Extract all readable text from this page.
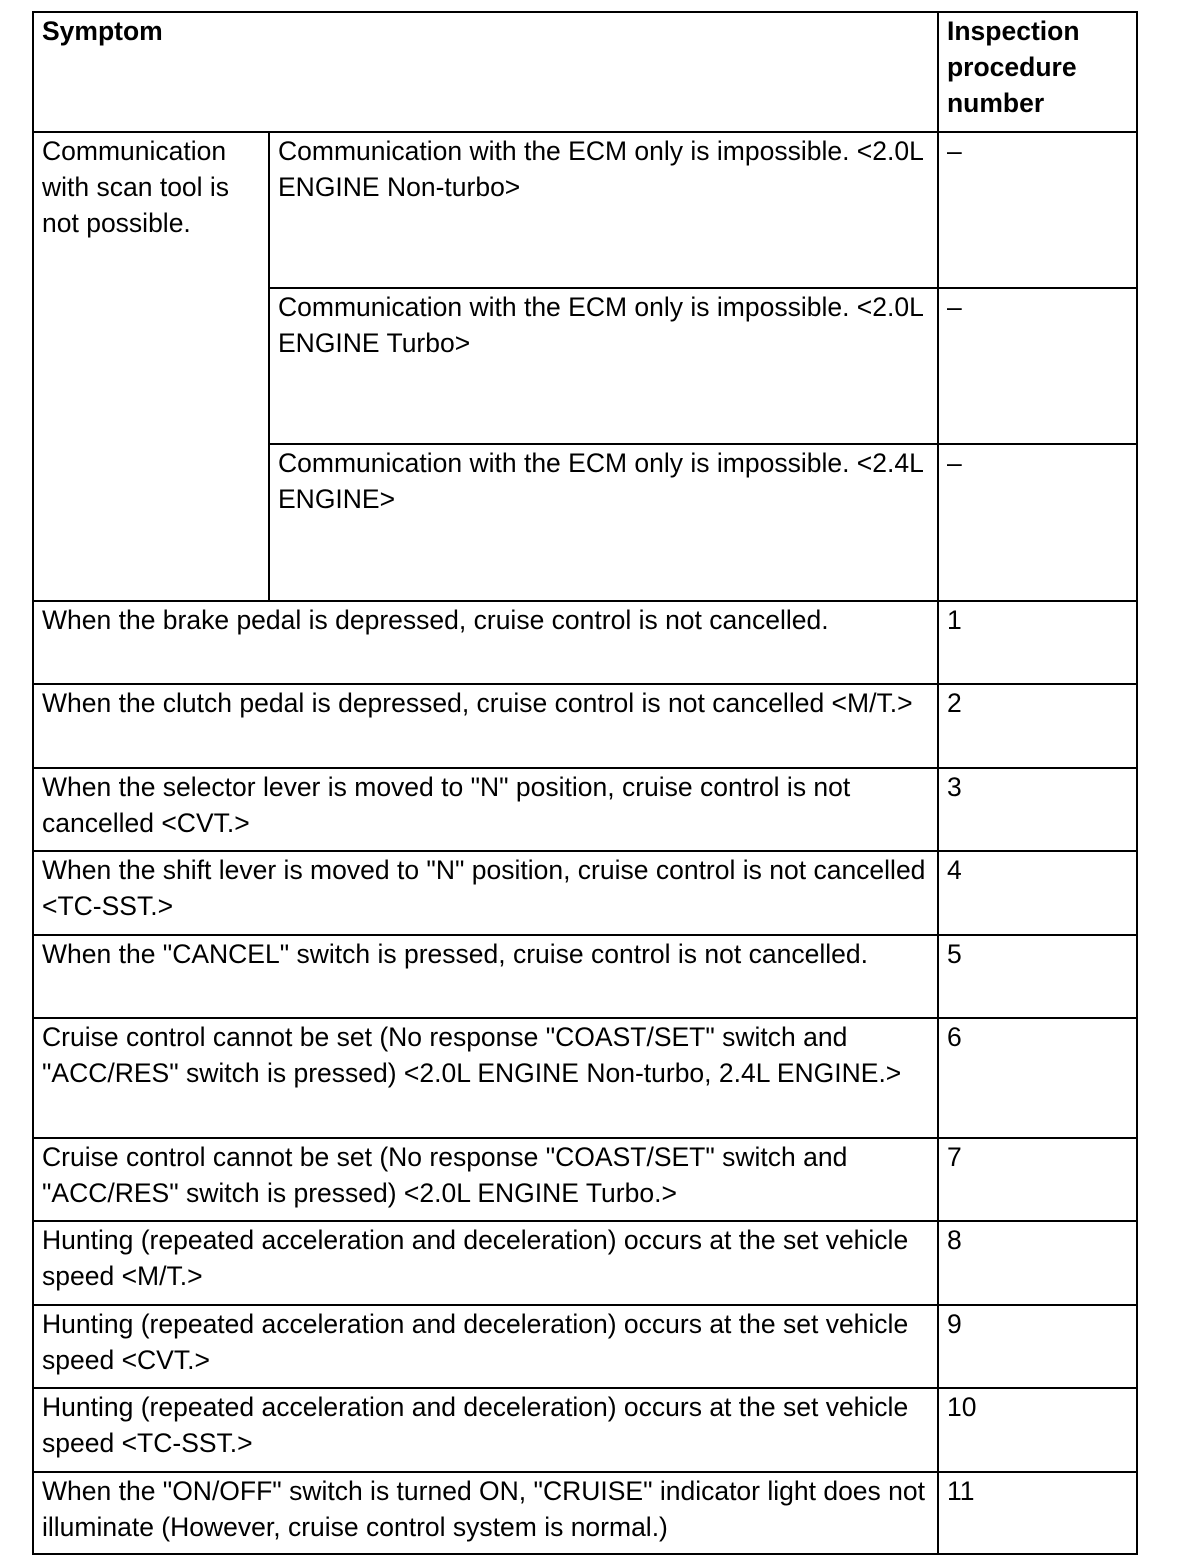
Symptom		Inspection procedure number
Communication with scan tool is not possible.	Communication with the ECM only is impossible. <2.0L ENGINE Non-turbo>	–
	Communication with the ECM only is impossible. <2.0L ENGINE Turbo>	–
	Communication with the ECM only is impossible. <2.4L ENGINE>	–
When the brake pedal is depressed, cruise control is not cancelled.		1
When the clutch pedal is depressed, cruise control is not cancelled <M/T.>		2
When the selector lever is moved to "N" position, cruise control is not cancelled <CVT.>		3
When the shift lever is moved to "N" position, cruise control is not cancelled <TC-SST.>		4
When the "CANCEL" switch is pressed, cruise control is not cancelled.		5
Cruise control cannot be set (No response "COAST/SET" switch and "ACC/RES" switch is pressed) <2.0L ENGINE Non-turbo, 2.4L ENGINE.>		6
Cruise control cannot be set (No response "COAST/SET" switch and "ACC/RES" switch is pressed) <2.0L ENGINE Turbo.>		7
Hunting (repeated acceleration and deceleration) occurs at the set vehicle speed <M/T.>		8
Hunting (repeated acceleration and deceleration) occurs at the set vehicle speed <CVT.>		9
Hunting (repeated acceleration and deceleration) occurs at the set vehicle speed <TC-SST.>		10
When the "ON/OFF" switch is turned ON, "CRUISE" indicator light does not illuminate (However, cruise control system is normal.)		11
